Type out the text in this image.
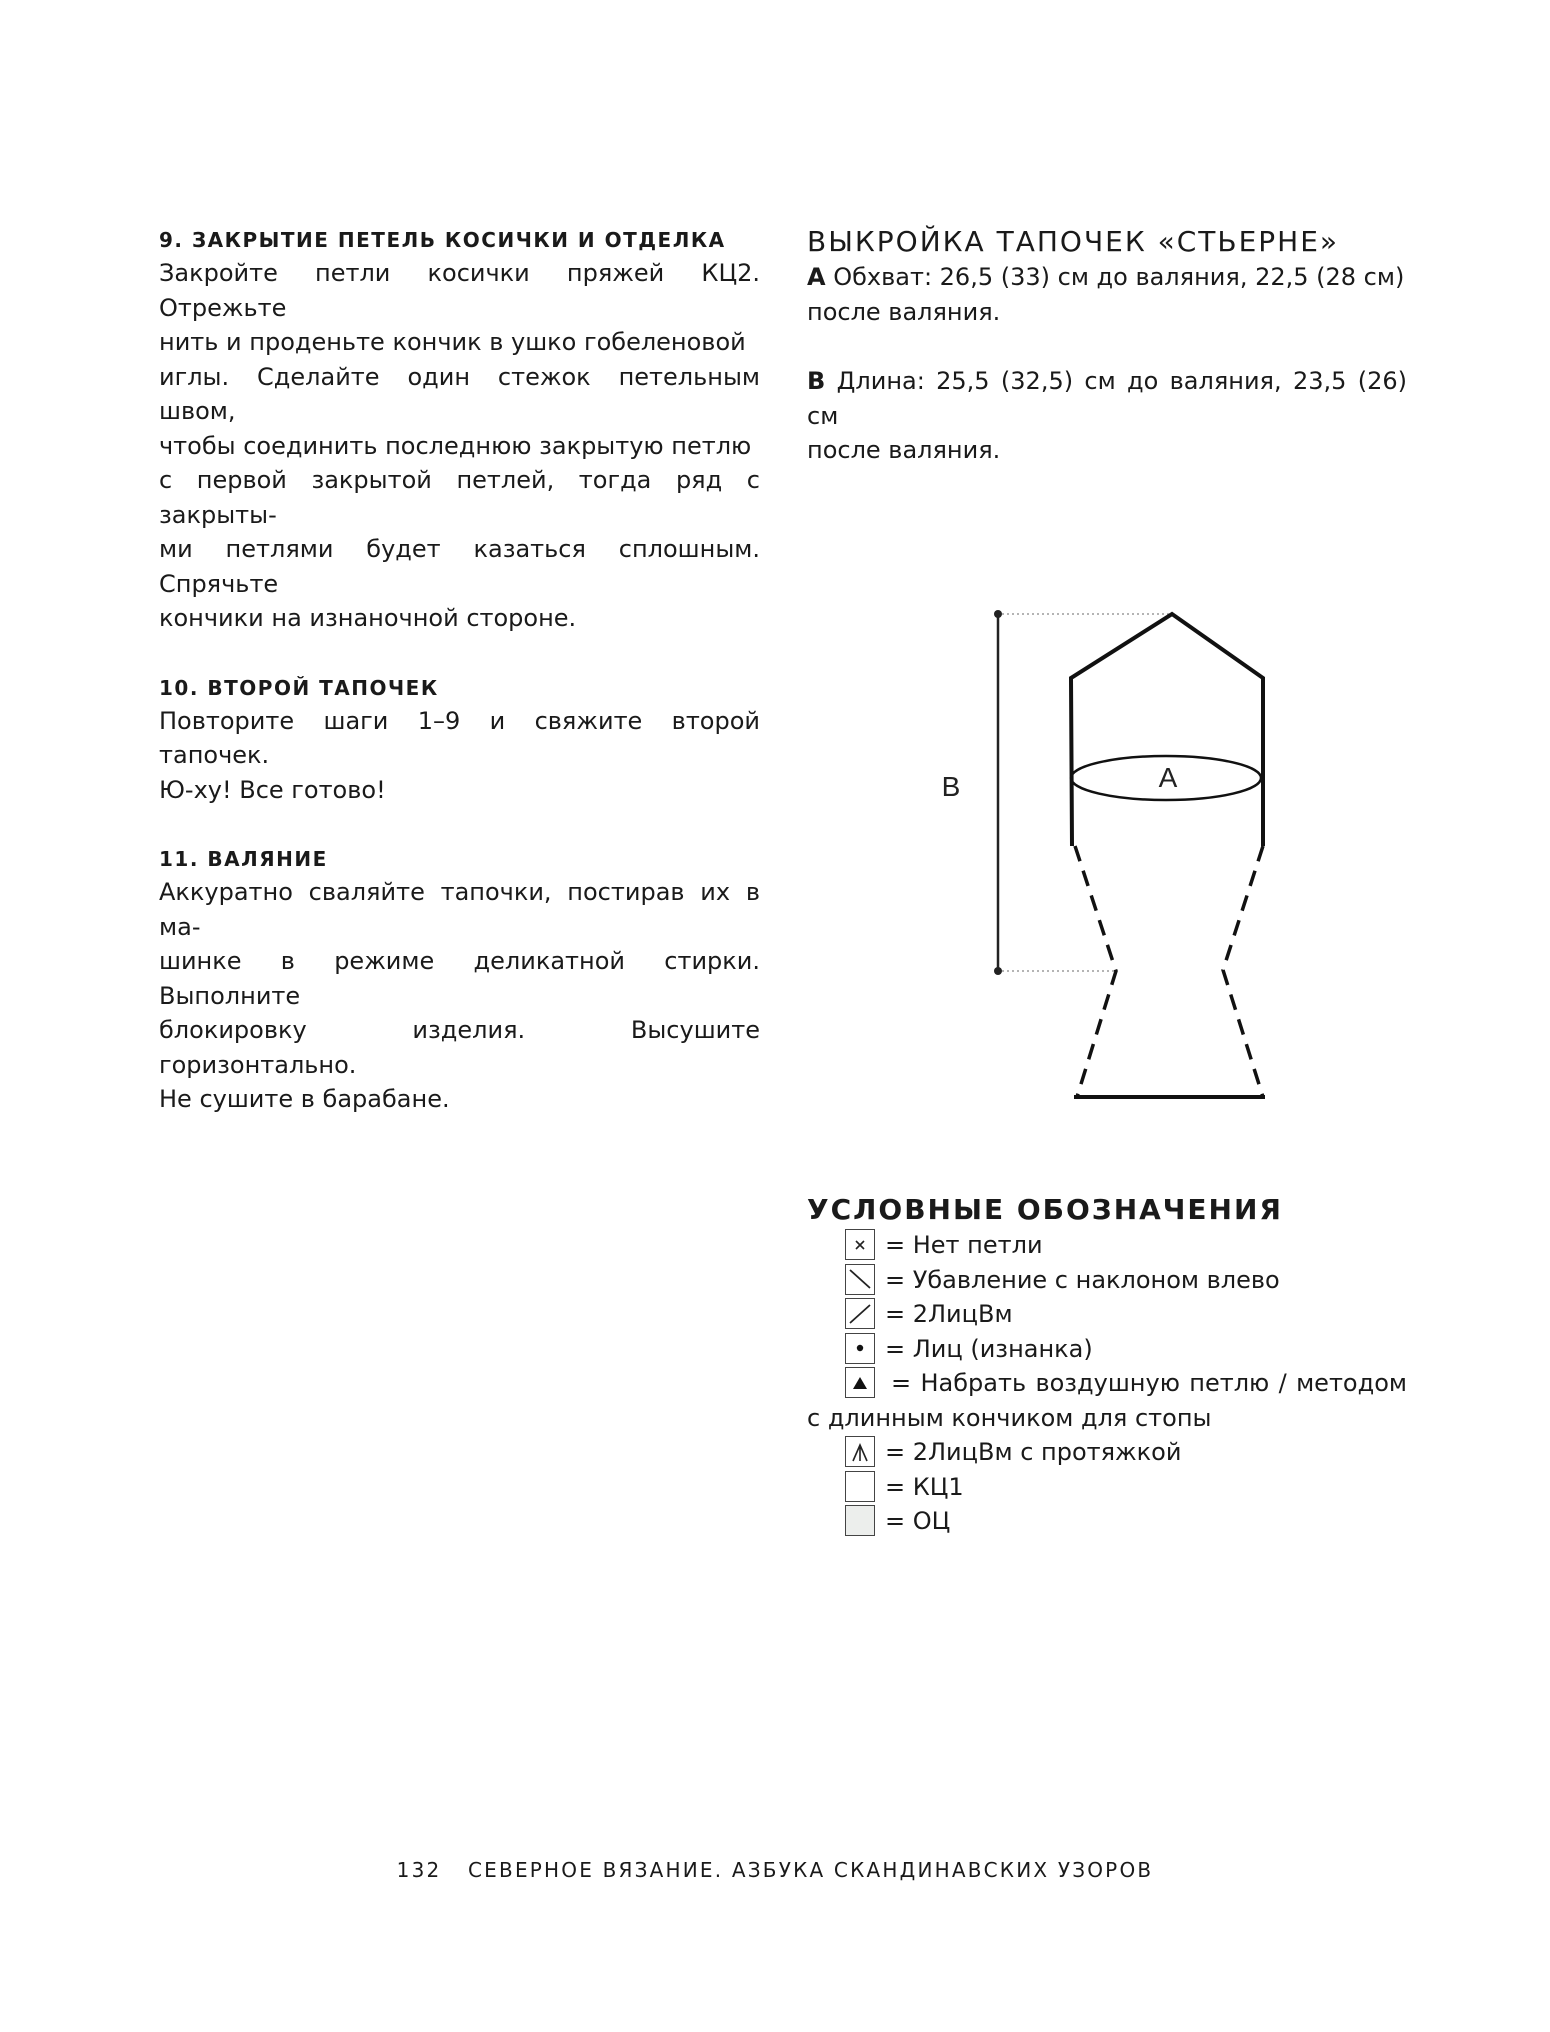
9. ЗАКРЫТИЕ ПЕТЕЛЬ КОСИЧКИ И ОТДЕЛКА

Закройте петли косички пряжей КЦ2. Отрежьте
нить и проденьте кончик в ушко гобеленовой
иглы. Сделайте один стежок петельным швом,
чтобы соединить последнюю закрытую петлю
с первой закрытой петлей, тогда ряд с закрыты-
ми петлями будет казаться сплошным. Спрячьте
кончики на изнаночной стороне.

10. ВТОРОЙ ТАПОЧЕК

Повторите шаги 1–9 и свяжите второй тапочек.
Ю-ху! Все готово!

11. ВАЛЯНИЕ

Аккуратно сваляйте тапочки, постирав их в ма-
шинке в режиме деликатной стирки. Выполните
блокировку изделия. Высушите горизонтально.
Не сушите в барабане.

ВЫКРОЙКА ТАПОЧЕК «СТЬЕРНЕ»

А Обхват: 26,5 (33) см до валяния, 22,5 (28 см)
после валяния.

В Длина: 25,5 (32,5) см до валяния, 23,5 (26) см
после валяния.

А
В
УСЛОВНЫЕ ОБОЗНАЧЕНИЯ
= Нет петли
= Убавление с наклоном влево
= 2ЛицВм
= Лиц (изнанка)
= Набрать воздушную петлю / методом
с длинным кончиком для стопы
= 2ЛицВм с протяжкой
= КЦ1
= ОЦ
132 СЕВЕРНОЕ ВЯЗАНИЕ. АЗБУКА СКАНДИНАВСКИХ УЗОРОВ
